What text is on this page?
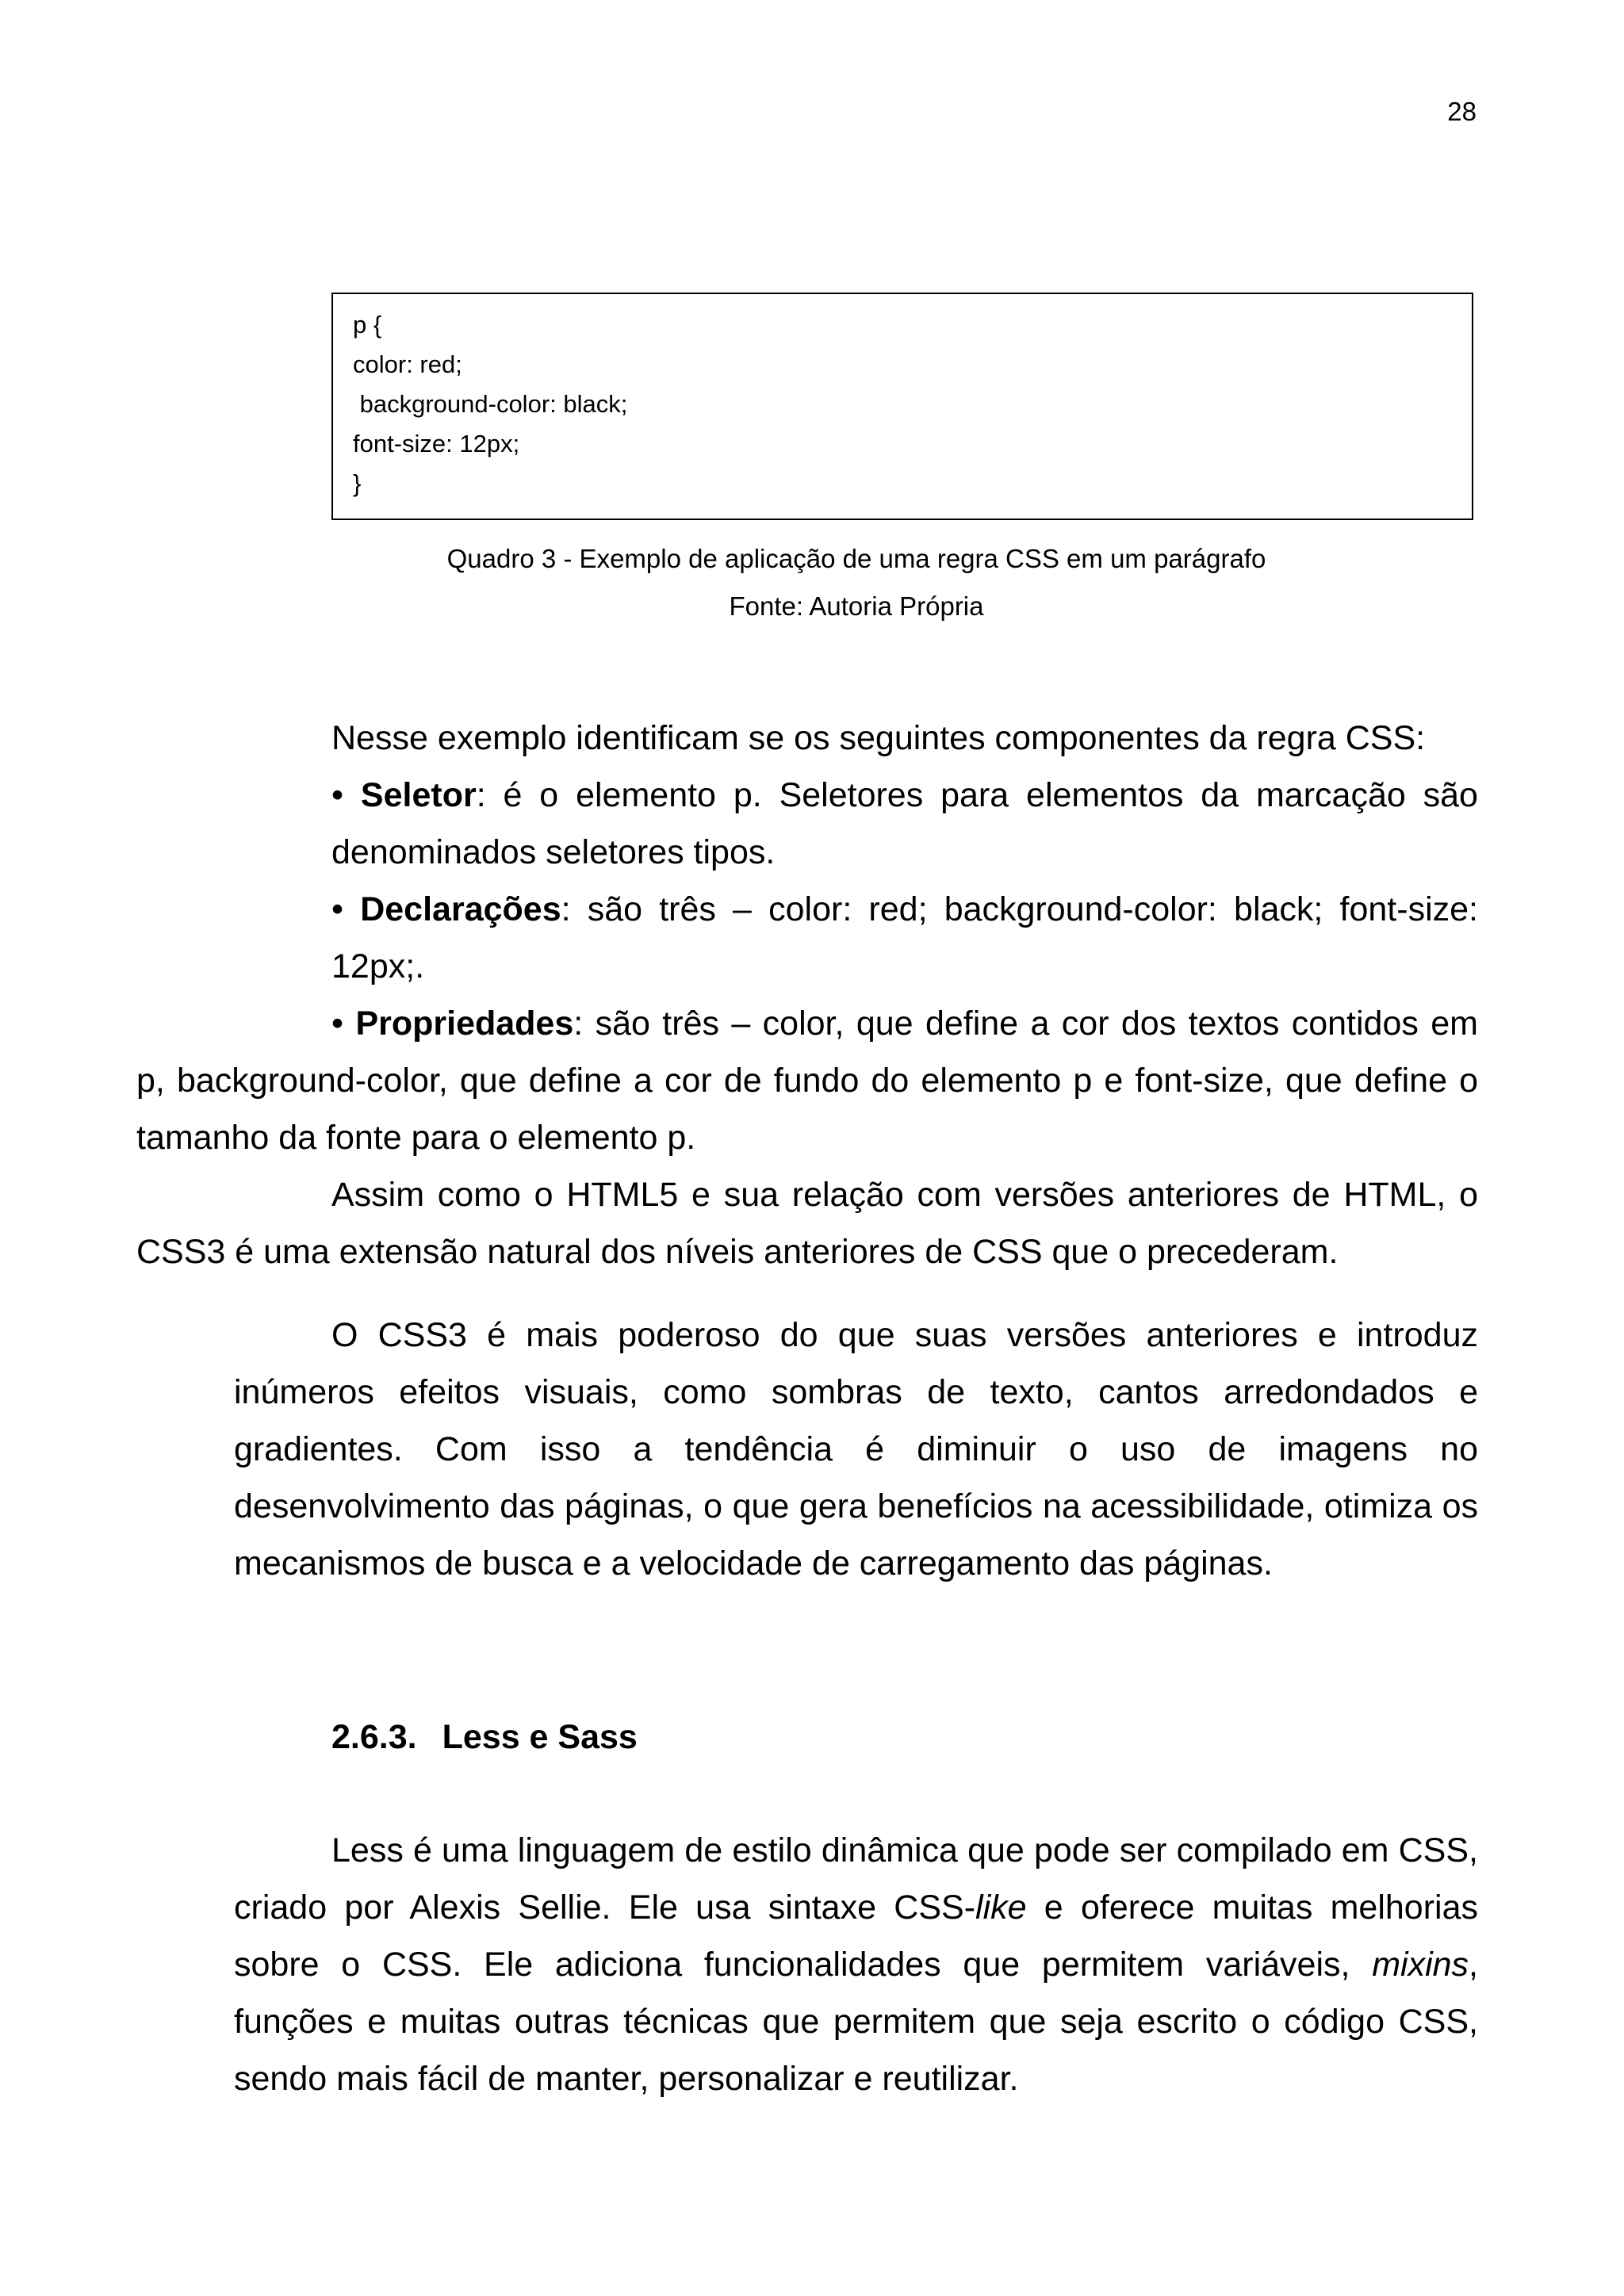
28
p {
color: red;
background-color: black;
font-size: 12px;
}
Quadro 3 - Exemplo de aplicação de uma regra CSS em um parágrafo
Fonte: Autoria Própria

Nesse exemplo identificam se os seguintes componentes da regra CSS:

• Seletor: é o elemento p. Seletores para elementos da marcação são denominados seletores tipos.

• Declarações: são três – color: red; background-color: black; font-size: 12px;.

• Propriedades: são três – color, que define a cor dos textos contidos em p, background-color, que define a cor de fundo do elemento p e font-size, que define o tamanho da fonte para o elemento p.

Assim como o HTML5 e sua relação com versões anteriores de HTML, o CSS3 é uma extensão natural dos níveis anteriores de CSS que o precederam.

O CSS3 é mais poderoso do que suas versões anteriores e introduz inúmeros efeitos visuais, como sombras de texto, cantos arredondados e gradientes. Com isso a tendência é diminuir o uso de imagens no desenvolvimento das páginas, o que gera benefícios na acessibilidade, otimiza os mecanismos de busca e a velocidade de carregamento das páginas.

2.6.3. Less e Sass

Less é uma linguagem de estilo dinâmica que pode ser compilado em CSS, criado por Alexis Sellie. Ele usa sintaxe CSS-like e oferece muitas melhorias sobre o CSS. Ele adiciona funcionalidades que permitem variáveis, mixins, funções e muitas outras técnicas que permitem que seja escrito o código CSS, sendo mais fácil de manter, personalizar e reutilizar.
